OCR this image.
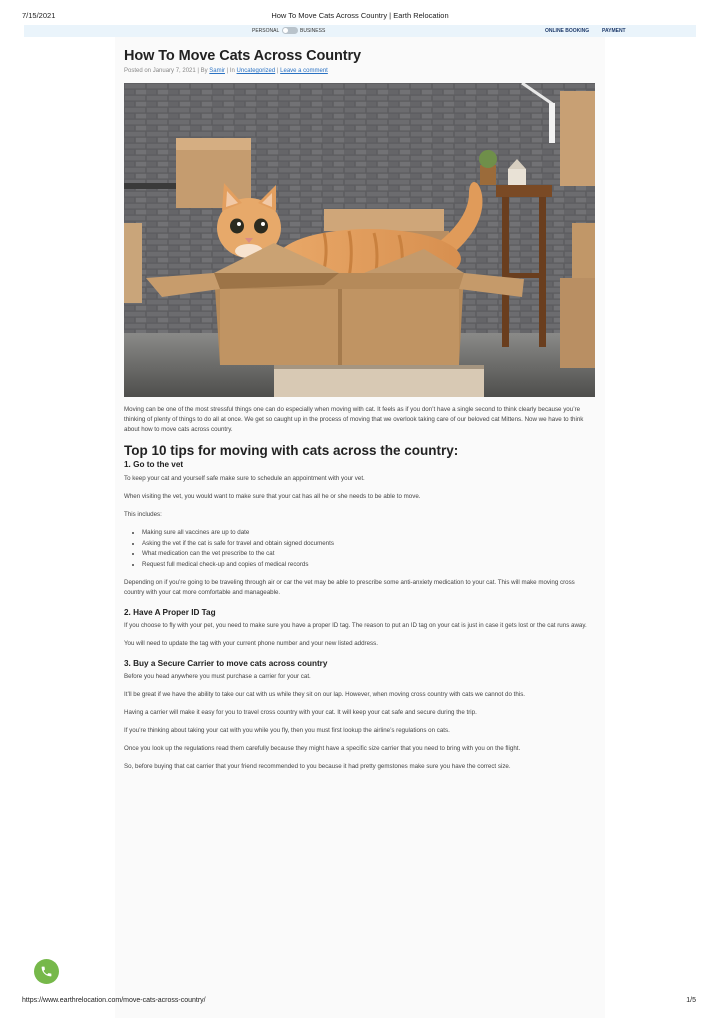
7/15/2021	How To Move Cats Across Country | Earth Relocation
PERSONAL	BUSINESS	ONLINE BOOKING	PAYMENT
How To Move Cats Across Country
Posted on January 7, 2021 | By Samir | In Uncategorized | Leave a comment

Moving can be one of the most stressful things one can do especially when moving with cat. It feels as if you don’t have a single second to think clearly because you’re thinking of plenty of things to do all at once. We get so caught up in the process of moving that we overlook taking care of our beloved cat Mittens. Now we have to think about how to move cats across country.

Top 10 tips for moving with cats across the country:
1. Go to the vet

To keep your cat and yourself safe make sure to schedule an appointment with your vet.

When visiting the vet, you would want to make sure that your cat has all he or she needs to be able to move.

This includes:

• Making sure all vaccines are up to date
• Asking the vet if the cat is safe for travel and obtain signed documents
• What medication can the vet prescribe to the cat
• Request full medical check-up and copies of medical records

Depending on if you’re going to be traveling through air or car the vet may be able to prescribe some anti-anxiety medication to your cat. This will make moving cross country with your cat more comfortable and manageable.

2. Have A Proper ID Tag

If you choose to fly with your pet, you need to make sure you have a proper ID tag. The reason to put an ID tag on your cat is just in case it gets lost or the cat runs away.

You will need to update the tag with your current phone number and your new listed address.

3. Buy a Secure Carrier to move cats across country

Before you head anywhere you must purchase a carrier for your cat.

It’ll be great if we have the ability to take our cat with us while they sit on our lap. However, when moving cross country with cats we cannot do this.

Having a carrier will make it easy for you to travel cross country with your cat. It will keep your cat safe and secure during the trip.

If you’re thinking about taking your cat with you while you fly, then you must first lookup the airline’s regulations on cats.

Once you look up the regulations read them carefully because they might have a specific size carrier that you need to bring with you on the flight.

So, before buying that cat carrier that your friend recommended to you because it had pretty gemstones make sure you have the correct size.

https://www.earthrelocation.com/move-cats-across-country/	1/5
